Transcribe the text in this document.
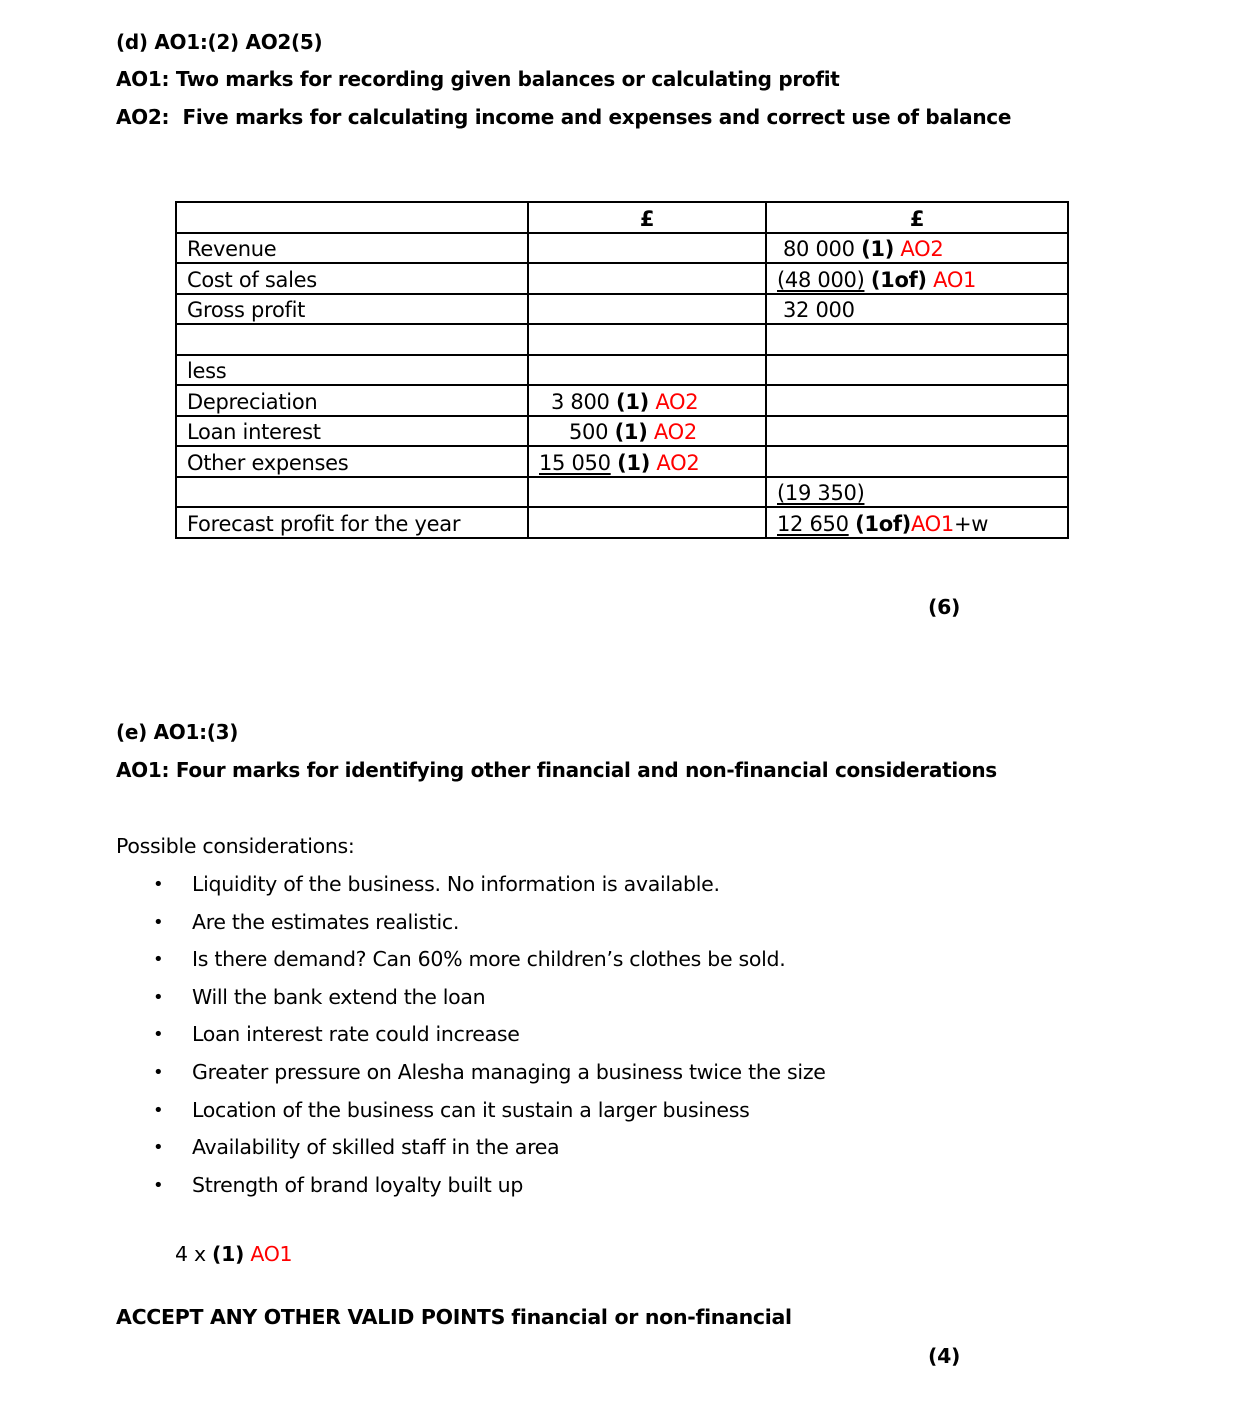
(d) AO1:(2) AO2(5)
AO1: Two marks for recording given balances or calculating profit
AO2: Five marks for calculating income and expenses and correct use of balance
	£	£
Revenue		80 000 (1) AO2
Cost of sales		(48 000) (1of) AO1
Gross profit		32 000

less		
Depreciation	3 800 (1) AO2	
Loan interest	500 (1) AO2	
Other expenses	15 050 (1) AO2	
		(19 350)
Forecast profit for the year		12 650 (1of)AO1+w
(6)
(e) AO1:(3)
AO1: Four marks for identifying other financial and non-financial considerations
Possible considerations:
• Liquidity of the business. No information is available.
• Are the estimates realistic.
• Is there demand? Can 60% more children’s clothes be sold.
• Will the bank extend the loan
• Loan interest rate could increase
• Greater pressure on Alesha managing a business twice the size
• Location of the business can it sustain a larger business
• Availability of skilled staff in the area
• Strength of brand loyalty built up
4 x (1) AO1
ACCEPT ANY OTHER VALID POINTS financial or non-financial
(4)
